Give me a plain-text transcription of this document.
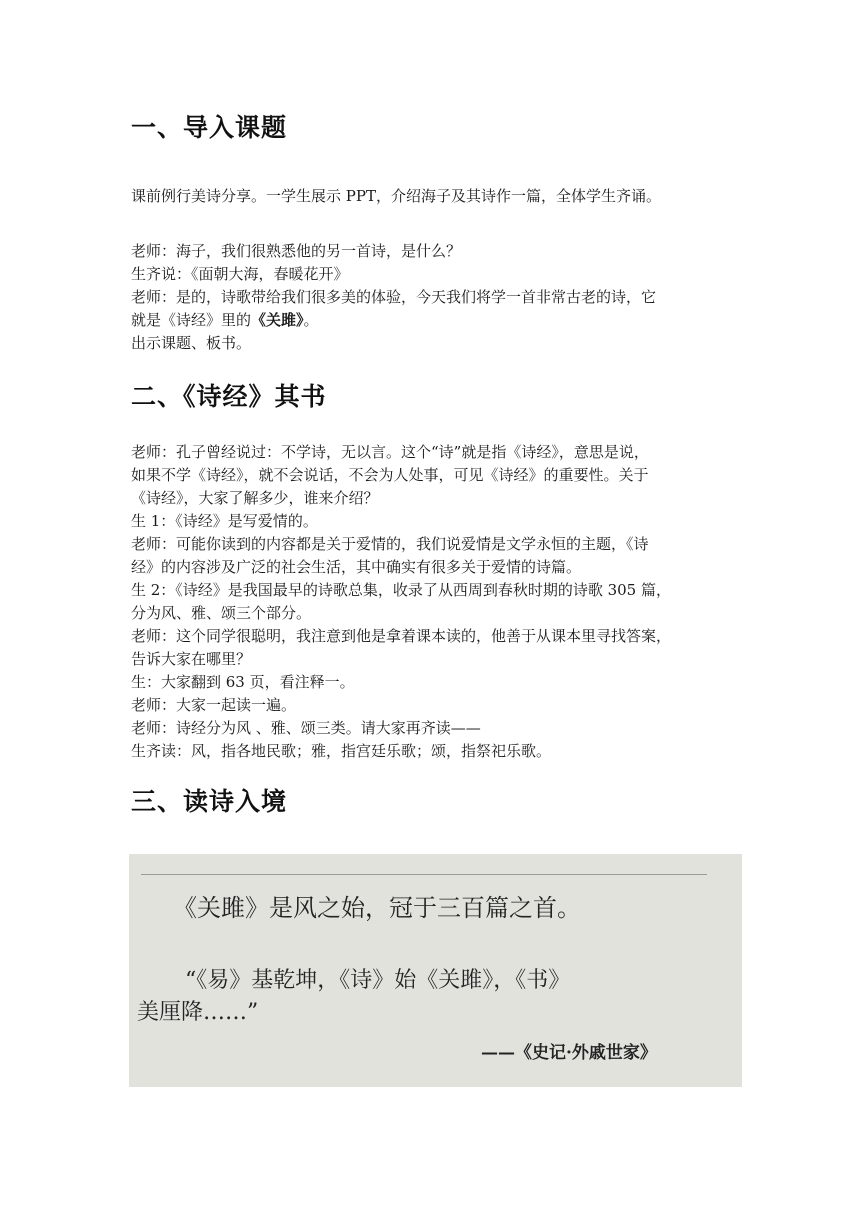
一、导入课题

课前例行美诗分享。一学生展示 PPT，介绍海子及其诗作一篇，全体学生齐诵。

老师：海子，我们很熟悉他的另一首诗，是什么？
生齐说：《面朝大海，春暖花开》
老师：是的，诗歌带给我们很多美的体验，今天我们将学一首非常古老的诗，它
就是《诗经》里的《关雎》。
出示课题、板书。

二、《诗经》其书

老师：孔子曾经说过：不学诗，无以言。这个“诗”就是指《诗经》，意思是说，
如果不学《诗经》，就不会说话，不会为人处事，可见《诗经》的重要性。关于
《诗经》，大家了解多少，谁来介绍？
生 1：《诗经》是写爱情的。
老师：可能你读到的内容都是关于爱情的，我们说爱情是文学永恒的主题，《诗
经》的内容涉及广泛的社会生活，其中确实有很多关于爱情的诗篇。
生 2：《诗经》是我国最早的诗歌总集，收录了从西周到春秋时期的诗歌 305 篇，
分为风、雅、颂三个部分。
老师：这个同学很聪明，我注意到他是拿着课本读的，他善于从课本里寻找答案，
告诉大家在哪里？
生：大家翻到 63 页，看注释一。
老师：大家一起读一遍。
老师：诗经分为风 、雅、颂三类。请大家再齐读——
生齐读：风，指各地民歌；雅，指宫廷乐歌；颂，指祭祀乐歌。

三、读诗入境
《关雎》是风之始，冠于三百篇之首。
“《易》基乾坤，《诗》始《关雎》，《书》
美厘降……”
——《史记·外戚世家》
